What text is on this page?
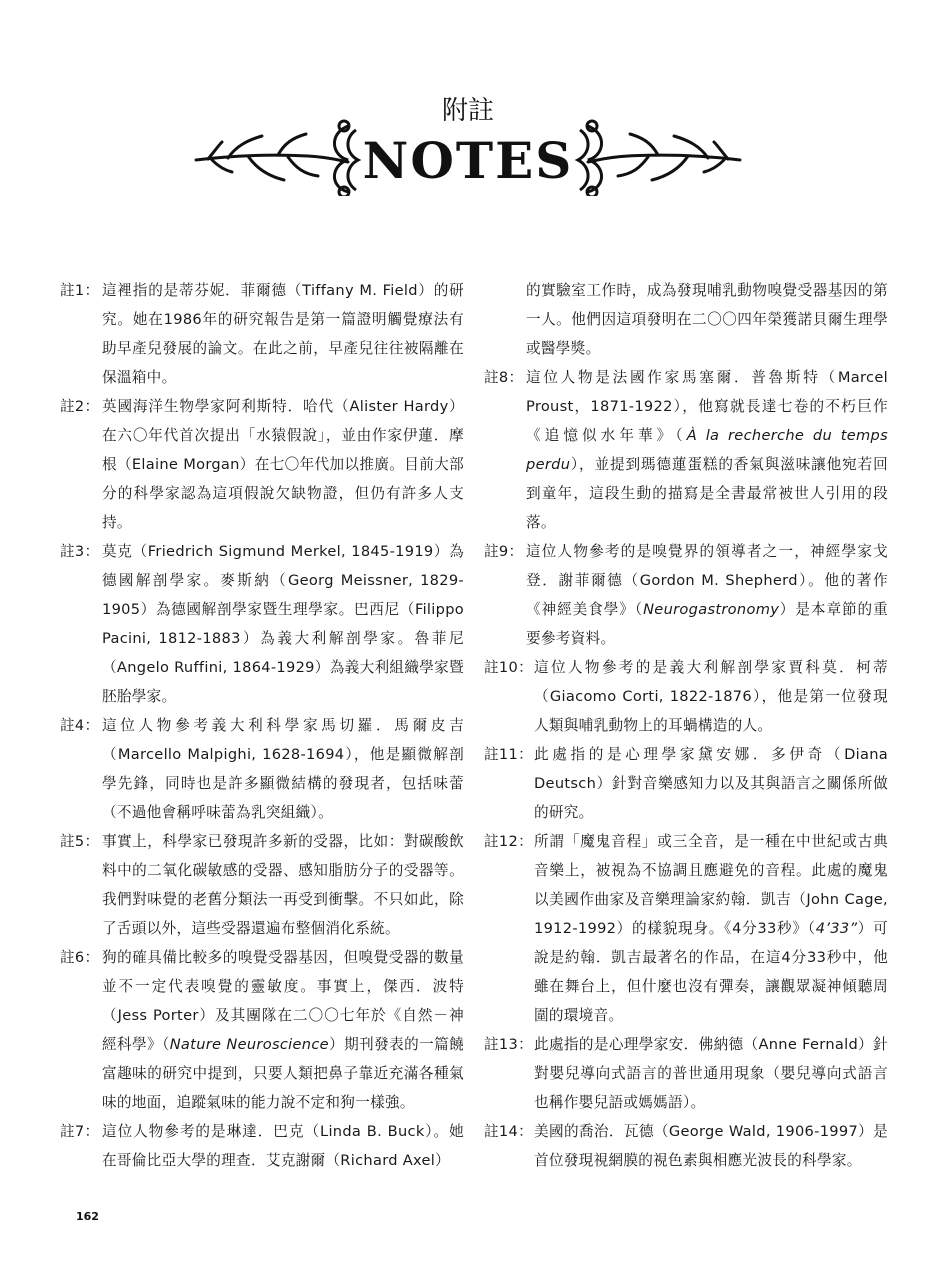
附註
NOTES
註1： 這裡指的是蒂芬妮．菲爾德（Tiffany M. Field）的研究。她在1986年的研究報告是第一篇證明觸覺療法有助早產兒發展的論文。在此之前，早產兒往往被隔離在保溫箱中。
註2： 英國海洋生物學家阿利斯特．哈代（Alister Hardy）在六〇年代首次提出「水猿假說」，並由作家伊蓮．摩根（Elaine Morgan）在七〇年代加以推廣。目前大部分的科學家認為這項假說欠缺物證，但仍有許多人支持。
註3： 莫克（Friedrich Sigmund Merkel, 1845-1919）為德國解剖學家。麥斯納（Georg Meissner, 1829-1905）為德國解剖學家暨生理學家。巴西尼（Filippo Pacini, 1812-1883）為義大利解剖學家。魯菲尼（Angelo Ruffini, 1864-1929）為義大利組織學家暨胚胎學家。
註4： 這位人物參考義大利科學家馬切羅．馬爾皮吉（Marcello Malpighi, 1628-1694），他是顯微解剖學先鋒，同時也是許多顯微結構的發現者，包括味蕾（不過他會稱呼味蕾為乳突組織）。
註5： 事實上，科學家已發現許多新的受器，比如：對碳酸飲料中的二氧化碳敏感的受器、感知脂肪分子的受器等。我們對味覺的老舊分類法一再受到衝擊。不只如此，除了舌頭以外，這些受器還遍布整個消化系統。
註6： 狗的確具備比較多的嗅覺受器基因，但嗅覺受器的數量並不一定代表嗅覺的靈敏度。事實上，傑西．波特（Jess Porter）及其團隊在二〇〇七年於《自然－神經科學》（Nature Neuroscience）期刊發表的一篇饒富趣味的研究中提到，只要人類把鼻子靠近充滿各種氣味的地面，追蹤氣味的能力說不定和狗一樣強。
註7： 這位人物參考的是琳達．巴克（Linda B. Buck）。她在哥倫比亞大學的理查．艾克謝爾（Richard Axel）
的實驗室工作時，成為發現哺乳動物嗅覺受器基因的第一人。他們因這項發明在二〇〇四年榮獲諾貝爾生理學或醫學獎。
註8： 這位人物是法國作家馬塞爾．普魯斯特（Marcel Proust，1871-1922），他寫就長達七卷的不朽巨作《追憶似水年華》（À la recherche du temps perdu），並提到瑪德蓮蛋糕的香氣與滋味讓他宛若回到童年，這段生動的描寫是全書最常被世人引用的段落。
註9： 這位人物參考的是嗅覺界的領導者之一，神經學家戈登．謝菲爾德（Gordon M. Shepherd）。他的著作《神經美食學》（Neurogastronomy）是本章節的重要參考資料。
註10： 這位人物參考的是義大利解剖學家賈科莫．柯蒂（Giacomo Corti, 1822-1876），他是第一位發現人類與哺乳動物上的耳蝸構造的人。
註11： 此處指的是心理學家黛安娜．多伊奇（Diana Deutsch）針對音樂感知力以及其與語言之關係所做的研究。
註12： 所謂「魔鬼音程」或三全音，是一種在中世紀或古典音樂上，被視為不協調且應避免的音程。此處的魔鬼以美國作曲家及音樂理論家約翰．凱吉（John Cage, 1912-1992）的樣貌現身。《4分33秒》（4’33”）可說是約翰．凱吉最著名的作品，在這4分33秒中，他雖在舞台上，但什麼也沒有彈奏，讓觀眾凝神傾聽周圍的環境音。
註13： 此處指的是心理學家安．佛納德（Anne Fernald）針對嬰兒導向式語言的普世通用現象（嬰兒導向式語言也稱作嬰兒語或媽媽語）。
註14： 美國的喬治．瓦德（George Wald, 1906-1997）是首位發現視網膜的視色素與相應光波長的科學家。
162
